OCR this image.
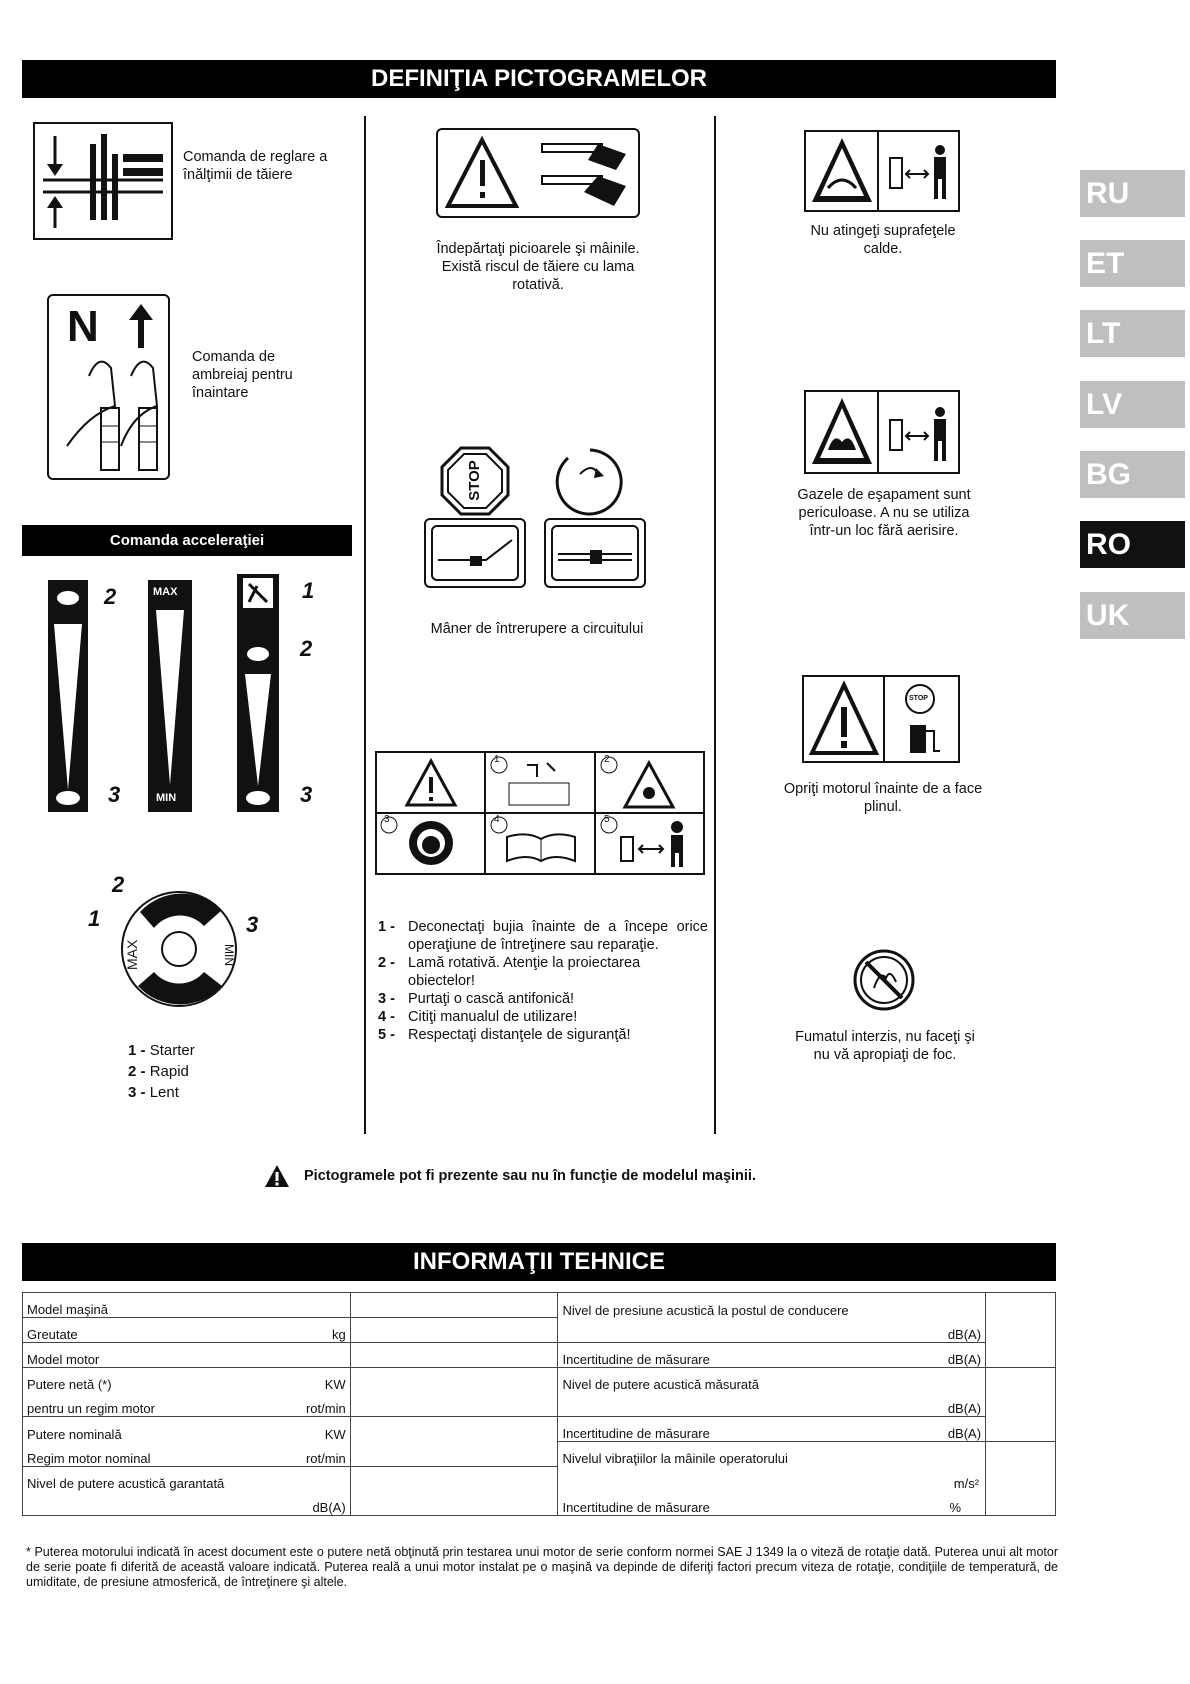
DEFINIŢIA PICTOGRAMELOR
RU
ET
LT
LV
BG
RO
UK
Comanda de reglare a înălţimii de tăiere
N
Comanda de ambreiaj pentru înaintare
Comanda acceleraţiei
2
3
MAX
MIN
1
2
3
MAX	MIN
1
2
3
1 - Starter
2 - Rapid
3 - Lent
Îndepărtaţi picioarele şi mâinile. Există riscul de tăiere cu lama rotativă.
STOP
Mâner de întrerupere a circuitului
3
1	2
4	5
1 - Deconectaţi bujia înainte de a începe orice operaţiune de întreţinere sau reparaţie.
2 - Lamă rotativă. Atenţie la proiectarea obiectelor!
3 - Purtaţi o cască antifonică!
4 - Citiţi manualul de utilizare!
5 - Respectaţi distanţele de siguranţă!
Nu atingeţi suprafeţele calde.
Gazele de eşapament sunt periculoase. A nu se utiliza într-un loc fără aerisire.
STOP
Opriţi motorul înainte de a face plinul.
Fumatul interzis, nu faceţi şi nu vă apropiaţi de foc.
Pictogramele pot fi prezente sau nu în funcţie de modelul maşinii.
INFORMAŢII TEHNICE
Model maşină		Nivel de presiune acustică la postul de conducere	
Greutate kg		dB(A)	
Model motor		Incertitudine de măsurare dB(A)	

Putere netă (*) KW		Nivel de putere acustică măsurată	
pentru un regim motor rot/min		dB(A)	
Putere nominală KW		Incertitudine de măsurare dB(A)	

Regim motor nominal rot/min		Nivelul vibraţiilor la mâinile operatorului	
Nivel de putere acustică garantată		m/s²	
dB(A)		Incertitudine de măsurare %	
* Puterea motorului indicată în acest document este o putere netă obţinută prin testarea unui motor de serie conform normei SAE J 1349 la o viteză de rotaţie dată. Puterea unui alt motor de serie poate fi diferită de această valoare indicată. Puterea reală a unui motor instalat pe o maşină va depinde de diferiţi factori precum viteza de rotaţie, condiţiile de temperatură, de umiditate, de presiune atmosferică, de întreţinere şi altele.
